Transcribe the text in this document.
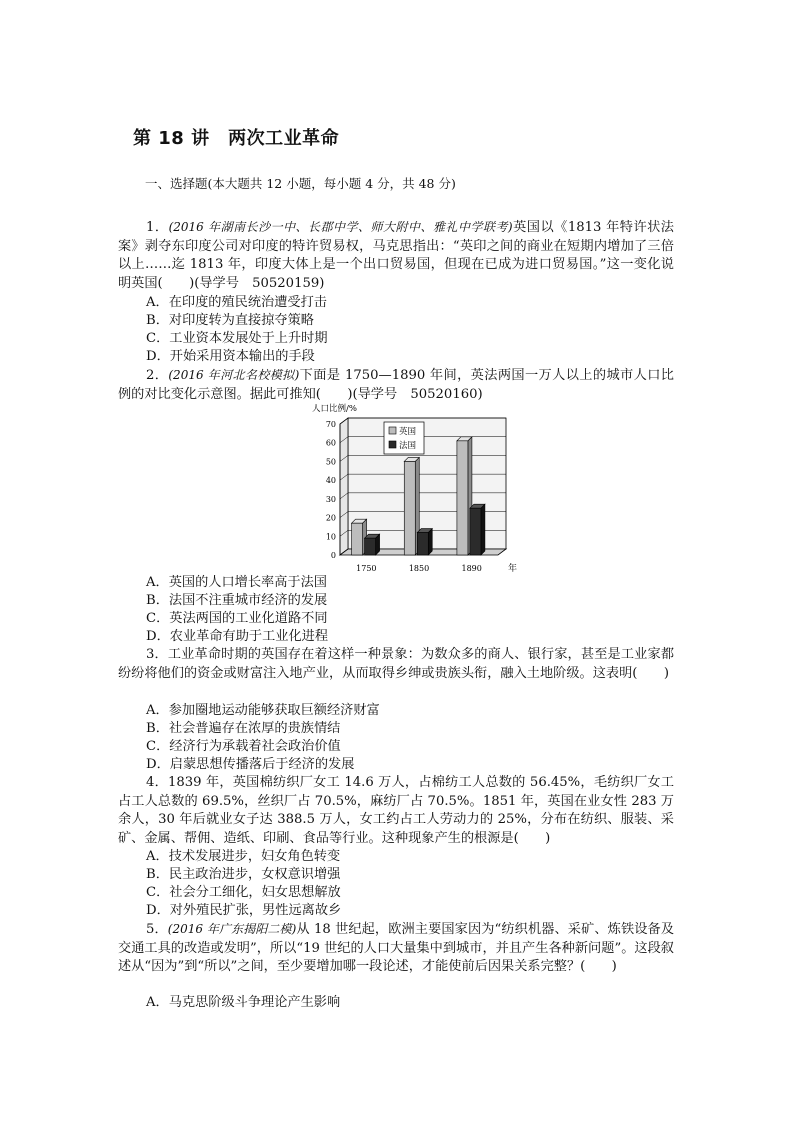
第 18 讲　两次工业革命
一、选择题(本大题共 12 小题，每小题 4 分，共 48 分)
1．(2016 年湖南长沙一中、长郡中学、师大附中、雅礼中学联考)英国以《1813 年特许状法案》剥夺东印度公司对印度的特许贸易权，马克思指出：“英印之间的商业在短期内增加了三倍以上……迄 1813 年，印度大体上是一个出口贸易国，但现在已成为进口贸易国。”这一变化说明英国(　　)(导学号　50520159)
A．在印度的殖民统治遭受打击
B．对印度转为直接掠夺策略
C．工业资本发展处于上升时期
D．开始采用资本输出的手段
2．(2016 年河北名校模拟)下面是 1750—1890 年间，英法两国一万人以上的城市人口比例的对比变化示意图。据此可推知(　　)(导学号　50520160)
0
10
20
30
40
50
60
70
人口比例/%
1750	1850	1890	年
英国
法国
A．英国的人口增长率高于法国
B．法国不注重城市经济的发展
C．英法两国的工业化道路不同
D．农业革命有助于工业化进程
3．工业革命时期的英国存在着这样一种景象：为数众多的商人、银行家，甚至是工业家都纷纷将他们的资金或财富注入地产业，从而取得乡绅或贵族头衔，融入土地阶级。这表明(　　)
A．参加圈地运动能够获取巨额经济财富
B．社会普遍存在浓厚的贵族情结
C．经济行为承载着社会政治价值
D．启蒙思想传播落后于经济的发展
4．1839 年，英国棉纺织厂女工 14.6 万人，占棉纺工人总数的 56.45%，毛纺织厂女工占工人总数的 69.5%，丝织厂占 70.5%，麻纺厂占 70.5%。1851 年，英国在业女性 283 万余人，30 年后就业女子达 388.5 万人，女工约占工人劳动力的 25%，分布在纺织、服装、采矿、金属、帮佣、造纸、印刷、食品等行业。这种现象产生的根源是(　　)
A．技术发展进步，妇女角色转变
B．民主政治进步，女权意识增强
C．社会分工细化，妇女思想解放
D．对外殖民扩张，男性远离故乡
5．(2016 年广东揭阳二模)从 18 世纪起，欧洲主要国家因为“纺织机器、采矿、炼铁设备及交通工具的改造或发明”，所以“19 世纪的人口大量集中到城市，并且产生各种新问题”。这段叙述从“因为”到“所以”之间，至少要增加哪一段论述，才能使前后因果关系完整？(　　)
A．马克思阶级斗争理论产生影响
